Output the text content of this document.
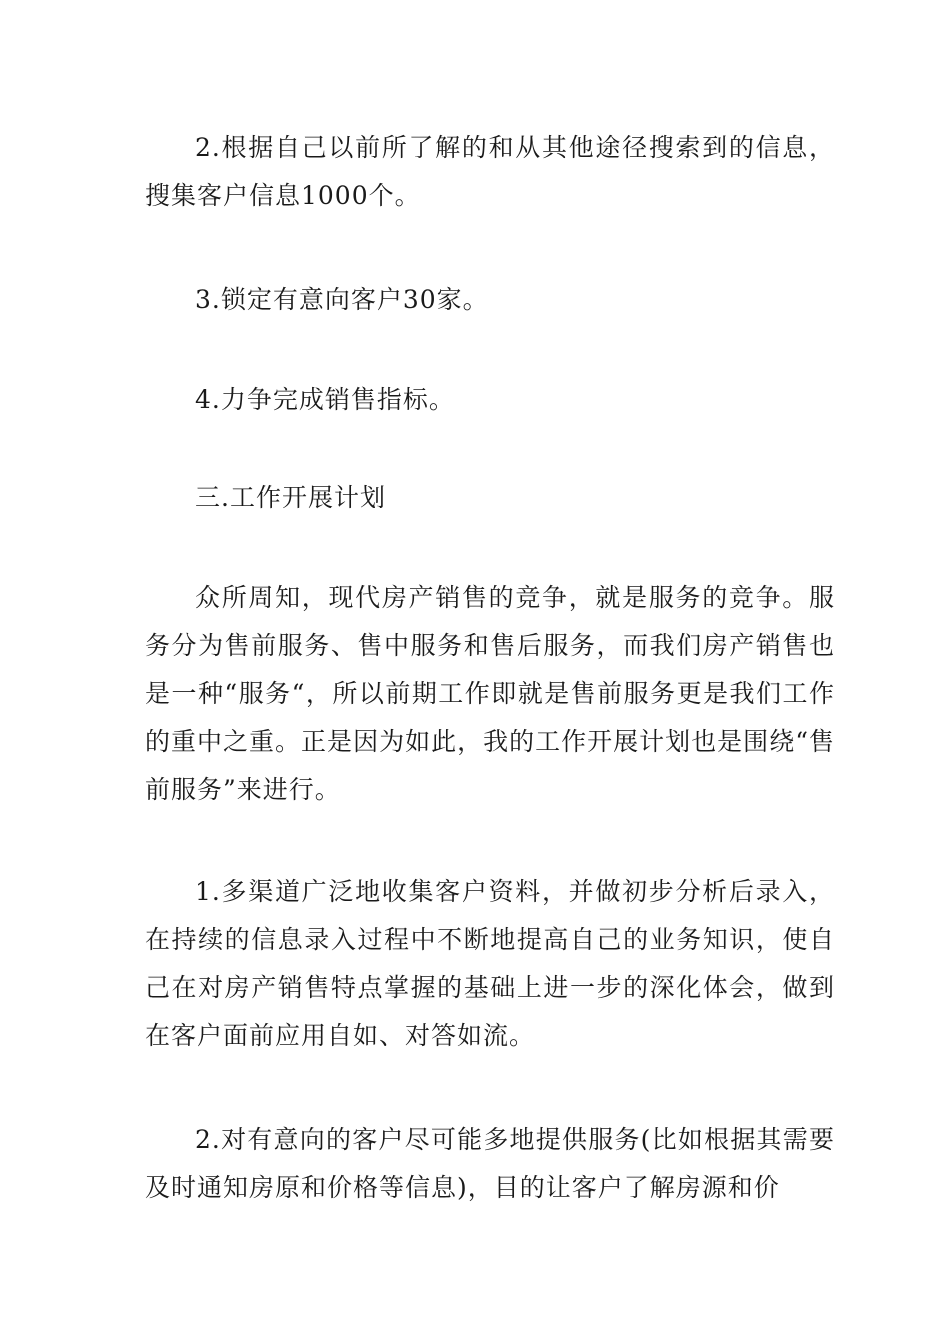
2.根据自己以前所了解的和从其他途径搜索到的信息，搜集客户信息1000个。

3.锁定有意向客户30家。

4.力争完成销售指标。

三.工作开展计划

众所周知，现代房产销售的竞争，就是服务的竞争。服务分为售前服务、售中服务和售后服务，而我们房产销售也是一种“服务“，所以前期工作即就是售前服务更是我们工作的重中之重。正是因为如此，我的工作开展计划也是围绕“售前服务”来进行。

1.多渠道广泛地收集客户资料，并做初步分析后录入，在持续的信息录入过程中不断地提高自己的业务知识，使自己在对房产销售特点掌握的基础上进一步的深化体会，做到在客户面前应用自如、对答如流。

2.对有意向的客户尽可能多地提供服务(比如根据其需要及时通知房原和价格等信息)，目的让客户了解房源和价
